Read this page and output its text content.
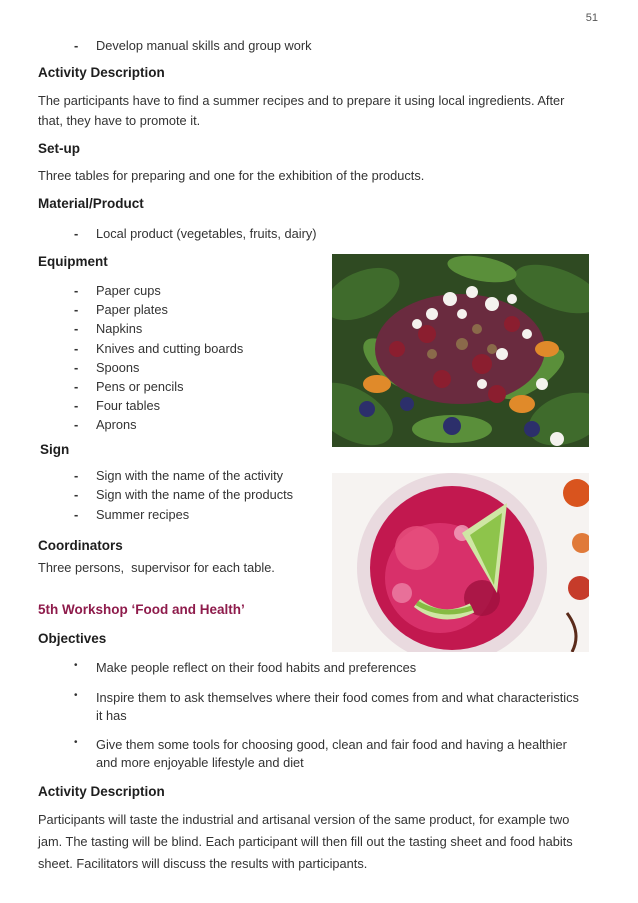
51
-	Develop manual skills and group work
Activity Description
The participants have to find a summer recipes and to prepare it using local ingredients. After
that, they have to promote it.
Set-up
Three tables for preparing and one for the exhibition of the products.
Material/Product
-	Local product (vegetables, fruits, dairy)
Equipment
-	Paper cups
-	Paper plates
-	Napkins
-	Knives and cutting boards
-	Spoons
-	Pens or pencils
-	Four tables
-	Aprons
Sign
-	Sign with the name of the activity
-	Sign with the name of the products
-	Summer recipes
Coordinators
Three persons,  supervisor for each table.
5th Workshop ‘Food and Health’
Objectives
•	Make people reflect on their food habits and preferences
•	Inspire them to ask themselves where their food comes from and what characteristics
it has
•	Give them some tools for choosing good, clean and fair food and having a healthier
and more enjoyable lifestyle and diet
Activity Description
Participants will taste the industrial and artisanal version of the same product, for example two
jam. The tasting will be blind. Each participant will then fill out the tasting sheet and food habits
sheet. Facilitators will discuss the results with participants.
